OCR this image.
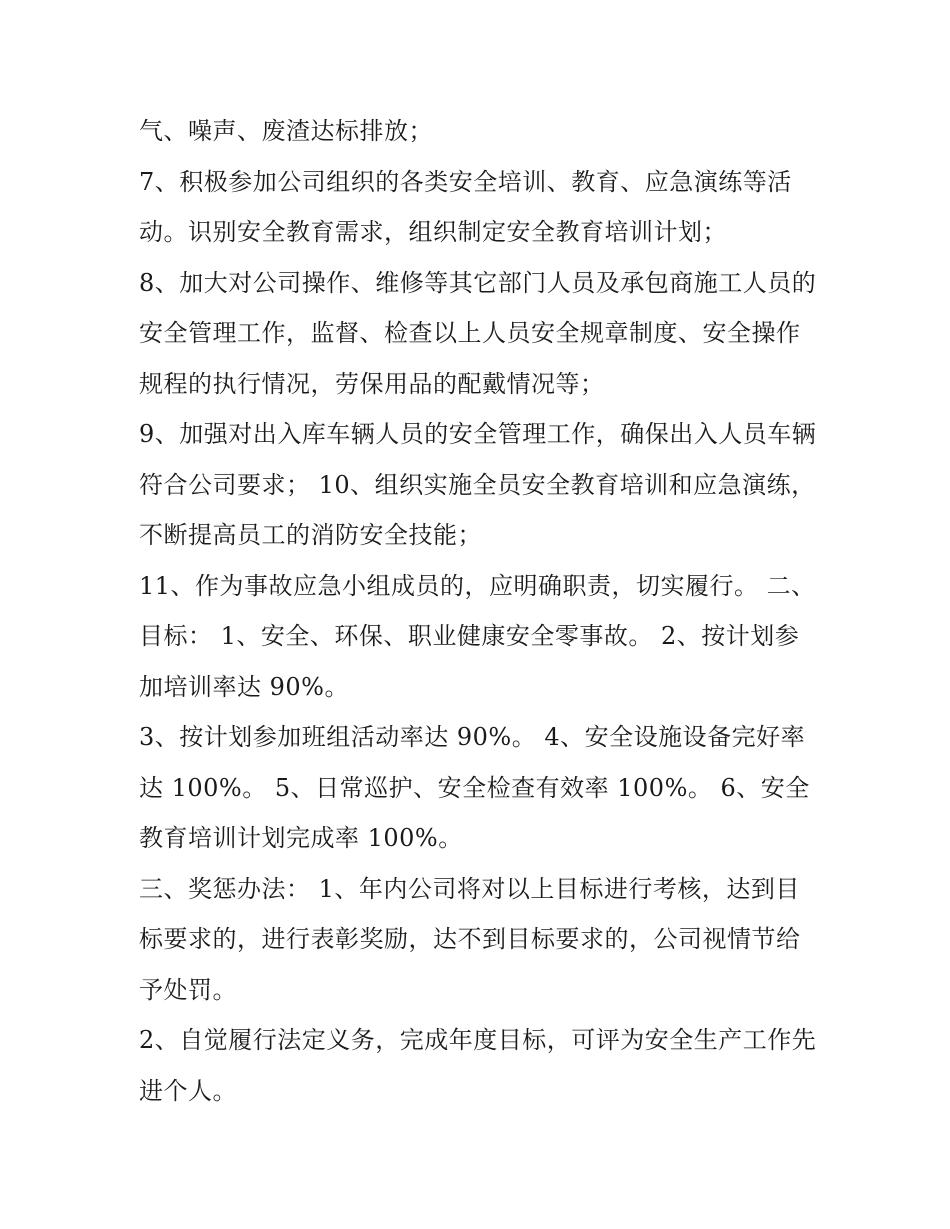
气、噪声、废渣达标排放；

7、积极参加公司组织的各类安全培训、教育、应急演练等活动。识别安全教育需求，组织制定安全教育培训计划；

8、加大对公司操作、维修等其它部门人员及承包商施工人员的安全管理工作，监督、检查以上人员安全规章制度、安全操作规程的执行情况，劳保用品的配戴情况等；

9、加强对出入库车辆人员的安全管理工作，确保出入人员车辆符合公司要求； 10、组织实施全员安全教育培训和应急演练，不断提高员工的消防安全技能；

11、作为事故应急小组成员的，应明确职责，切实履行。 二、目标： 1、安全、环保、职业健康安全零事故。 2、按计划参加培训率达 90%。

3、按计划参加班组活动率达 90%。 4、安全设施设备完好率达 100%。 5、日常巡护、安全检查有效率 100%。 6、安全教育培训计划完成率 100%。

三、奖惩办法： 1、年内公司将对以上目标进行考核，达到目标要求的，进行表彰奖励，达不到目标要求的，公司视情节给予处罚。

2、自觉履行法定义务，完成年度目标，可评为安全生产工作先进个人。
